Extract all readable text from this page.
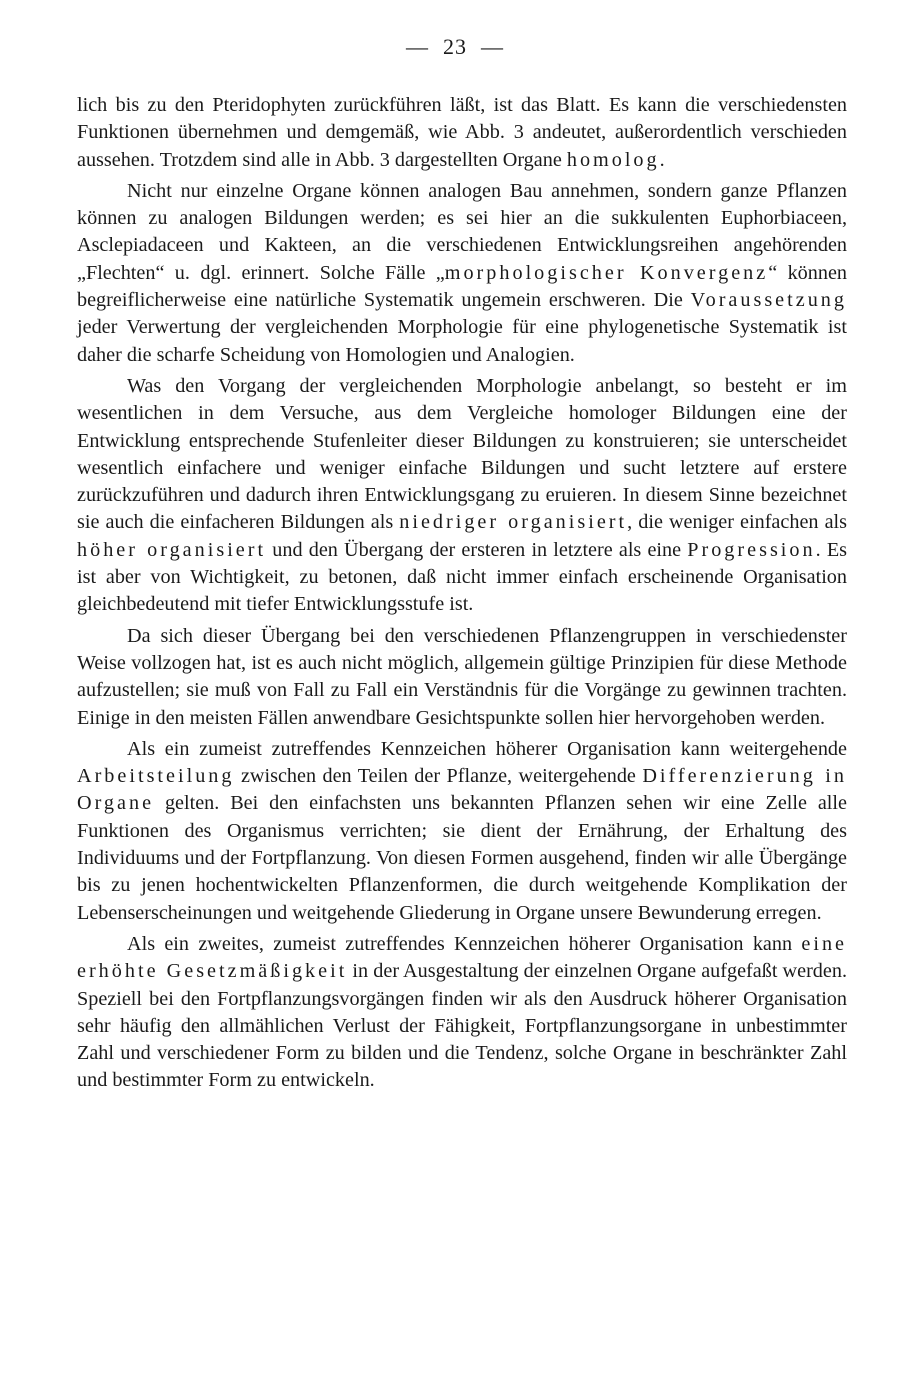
— 23 —

lich bis zu den Pteridophyten zurückführen läßt, ist das Blatt. Es kann die verschiedensten Funktionen übernehmen und demgemäß, wie Abb. 3 andeutet, außerordentlich verschieden aussehen. Trotzdem sind alle in Abb. 3 dargestellten Organe homolog.

Nicht nur einzelne Organe können analogen Bau annehmen, sondern ganze Pflanzen können zu analogen Bildungen werden; es sei hier an die sukkulenten Euphorbiaceen, Asclepiadaceen und Kakteen, an die verschiedenen Entwicklungsreihen angehörenden „Flechten“ u. dgl. erinnert. Solche Fälle „morphologischer Konvergenz“ können begreiflicherweise eine natürliche Systematik ungemein erschweren. Die Voraussetzung jeder Verwertung der vergleichenden Morphologie für eine phylogenetische Systematik ist daher die scharfe Scheidung von Homologien und Analogien.

Was den Vorgang der vergleichenden Morphologie anbelangt, so besteht er im wesentlichen in dem Versuche, aus dem Vergleiche homologer Bildungen eine der Entwicklung entsprechende Stufenleiter dieser Bildungen zu konstruieren; sie unterscheidet wesentlich einfachere und weniger einfache Bildungen und sucht letztere auf erstere zurückzuführen und dadurch ihren Entwicklungsgang zu eruieren. In diesem Sinne bezeichnet sie auch die einfacheren Bildungen als niedriger organisiert, die weniger einfachen als höher organisiert und den Übergang der ersteren in letztere als eine Progression. Es ist aber von Wichtigkeit, zu betonen, daß nicht immer einfach erscheinende Organisation gleichbedeutend mit tiefer Entwicklungsstufe ist.

Da sich dieser Übergang bei den verschiedenen Pflanzengruppen in verschiedenster Weise vollzogen hat, ist es auch nicht möglich, allgemein gültige Prinzipien für diese Methode aufzustellen; sie muß von Fall zu Fall ein Verständnis für die Vorgänge zu gewinnen trachten. Einige in den meisten Fällen anwendbare Gesichtspunkte sollen hier hervorgehoben werden.

Als ein zumeist zutreffendes Kennzeichen höherer Organisation kann weitergehende Arbeitsteilung zwischen den Teilen der Pflanze, weitergehende Differenzierung in Organe gelten. Bei den einfachsten uns bekannten Pflanzen sehen wir eine Zelle alle Funktionen des Organismus verrichten; sie dient der Ernährung, der Erhaltung des Individuums und der Fortpflanzung. Von diesen Formen ausgehend, finden wir alle Übergänge bis zu jenen hochentwickelten Pflanzenformen, die durch weitgehende Komplikation der Lebenserscheinungen und weitgehende Gliederung in Organe unsere Bewunderung erregen.

Als ein zweites, zumeist zutreffendes Kennzeichen höherer Organisation kann eine erhöhte Gesetzmäßigkeit in der Ausgestaltung der einzelnen Organe aufgefaßt werden. Speziell bei den Fortpflanzungsvorgängen finden wir als den Ausdruck höherer Organisation sehr häufig den allmählichen Verlust der Fähigkeit, Fortpflanzungsorgane in unbestimmter Zahl und verschiedener Form zu bilden und die Tendenz, solche Organe in beschränkter Zahl und bestimmter Form zu entwickeln.
